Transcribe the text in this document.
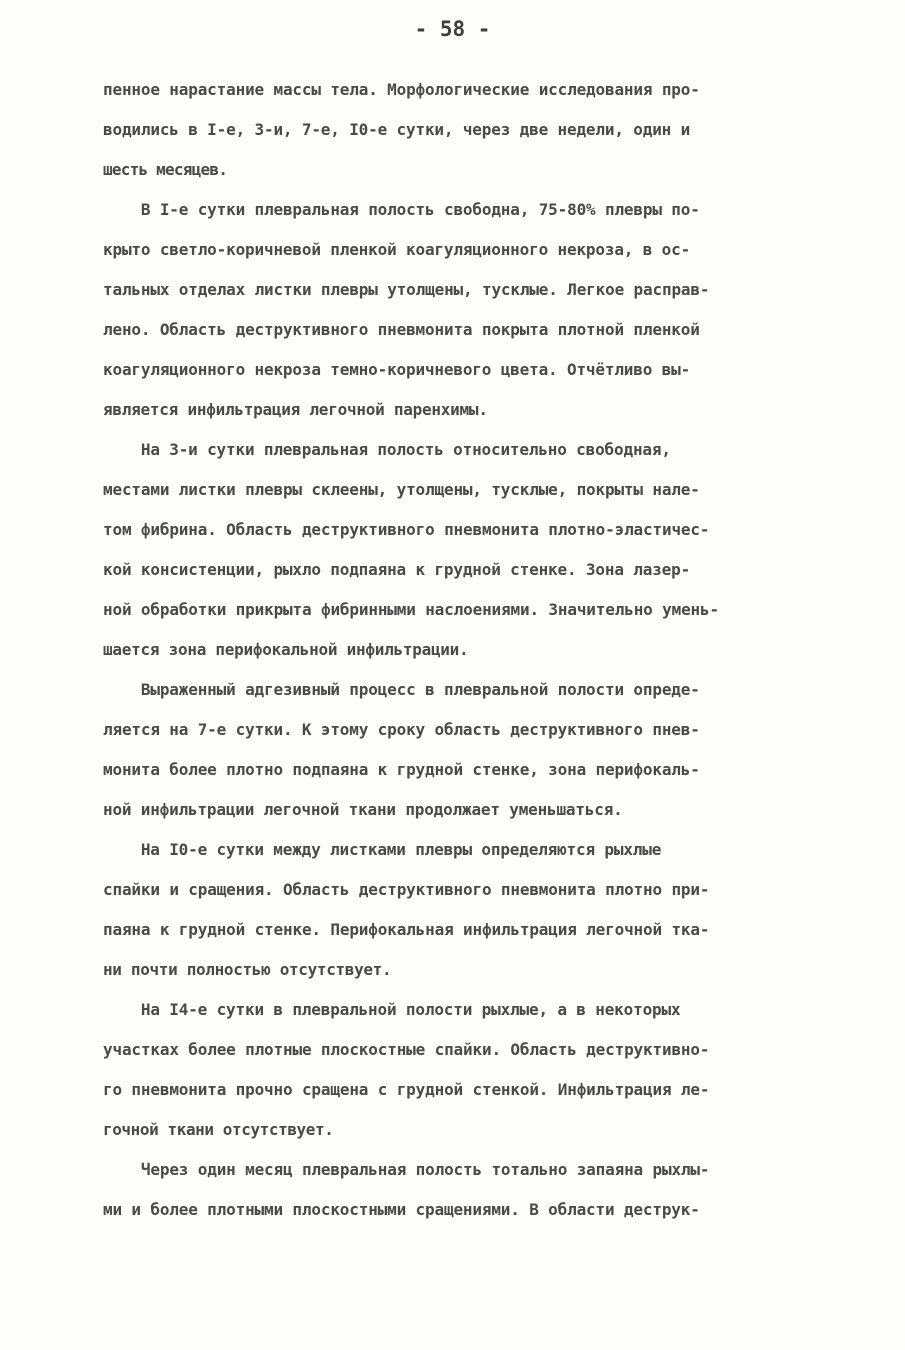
- 58 -
пенное нарастание массы тела. Морфологические исследования про-
водились в I-е, 3-и, 7-е, I0-е сутки, через две недели, один и
шесть месяцев.
В I-е сутки плевральная полость свободна, 75-80% плевры по-
крыто светло-коричневой пленкой коагуляционного некроза, в ос-
тальных отделах листки плевры утолщены, тусклые. Легкое расправ-
лено. Область деструктивного пневмонита покрыта плотной пленкой
коагуляционного некроза темно-коричневого цвета. Отчётливо вы-
является инфильтрация легочной паренхимы.
На 3-и сутки плевральная полость относительно свободная,
местами листки плевры склеены, утолщены, тусклые, покрыты нале-
том фибрина. Область деструктивного пневмонита плотно-эластичес-
кой консистенции, рыхло подпаяна к грудной стенке. Зона лазер-
ной обработки прикрыта фибринными наслоениями. Значительно умень-
шается зона перифокальной инфильтрации.
Выраженный адгезивный процесс в плевральной полости опреде-
ляется на 7-е сутки. К этому сроку область деструктивного пнев-
монита более плотно подпаяна к грудной стенке, зона перифокаль-
ной инфильтрации легочной ткани продолжает уменьшаться.
На I0-е сутки между листками плевры определяются рыхлые
спайки и сращения. Область деструктивного пневмонита плотно при-
паяна к грудной стенке. Перифокальная инфильтрация легочной тка-
ни почти полностью отсутствует.
На I4-е сутки в плевральной полости рыхлые, а в некоторых
участках более плотные плоскостные спайки. Область деструктивно-
го пневмонита прочно сращена с грудной стенкой. Инфильтрация ле-
гочной ткани отсутствует.
Через один месяц плевральная полость тотально запаяна рыхлы-
ми и более плотными плоскостными сращениями. В области деструк-
